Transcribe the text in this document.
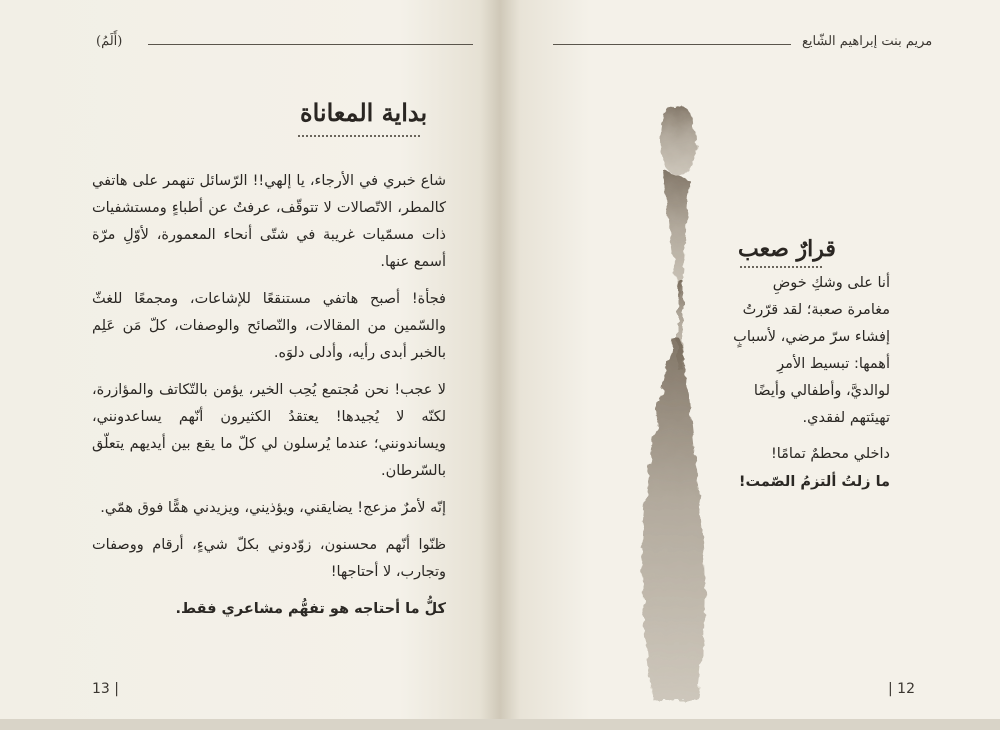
(أَلَمُ)
بداية المعاناة

شاع خبري في الأرجاء، يا إلهي!! الرّسائل تنهمر على هاتفي كالمطر، الاتّصالات لا تتوقّف، عرفتُ عن أطباءٍ ومستشفيات ذات مسمّيات غريبة في شتّى أنحاء المعمورة، لأوّلِ مرّة أسمع عنها.

فجأة! أصبح هاتفي مستنقعًا للإشاعات، ومجمعًا للغثّ والسّمين من المقالات، والنّصائح والوصفات، كلّ مَن عَلِم بالخبر أبدى رأيه، وأدلى دلوَه.

لا عجب! نحن مُجتمع يُحِب الخير، يؤمن بالتّكاتف والمؤازرة، لكنّه لا يُجيدها! يعتقدُ الكثيرون أنّهم يساعدونني، ويساندونني؛ عندما يُرسلون لي كلّ ما يقع بين أيديهم يتعلّق بالسّرطان.

إنّه لأمرٌ مزعج! يضايقني، ويؤذيني، ويزيدني همًّا فوق همّي.

ظنّوا أنّهم محسنون، زوّدوني بكلّ شيءٍ، أرقام ووصفات وتجارب، لا أحتاجها!

كلُّ ما أحتاجه هو تفهُّم مشاعري فقط.

13 |
مريم بنت إبراهيم الشّايع
قرارٌ صعب
أنا على وشكِ خوضِ
مغامرة صعبة؛ لقد قرّرتُ
إفشاء سرّ مرضي، لأسبابٍ
أهمها: تبسيط الأمرِ
لوالديَّ، وأطفالي وأيضًا
تهيئتهم لفقدي.
داخلي محطمٌ تمامًا!
ما زلتُ ألتزمُ الصّمت!
| 12
